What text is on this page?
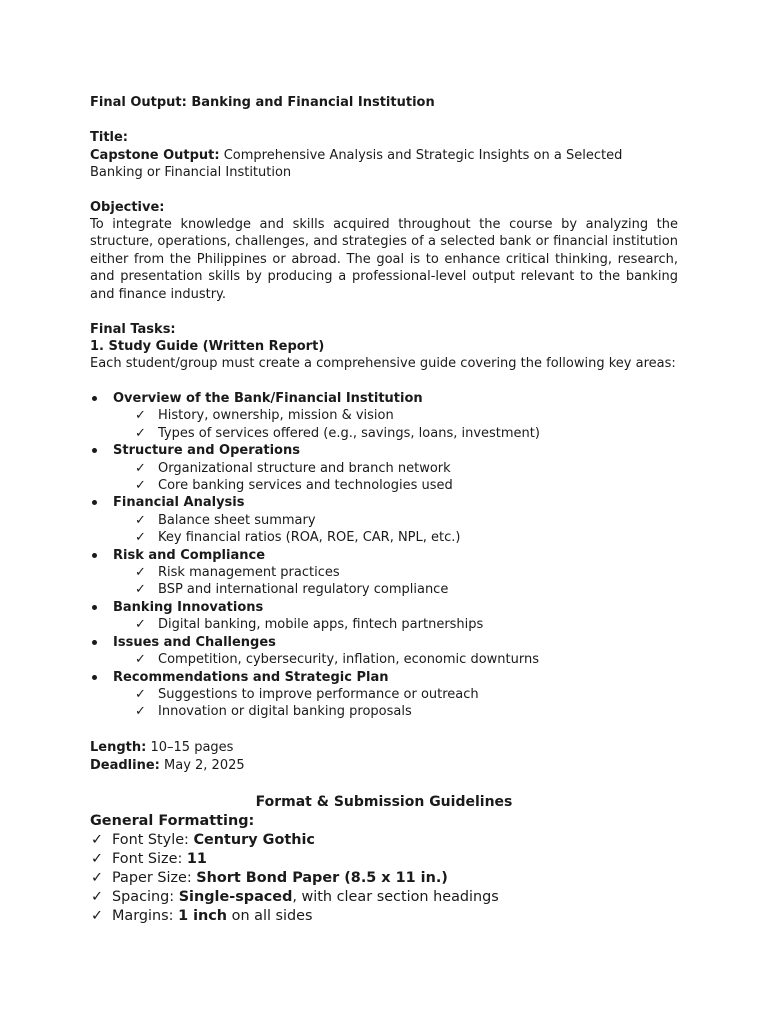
Final Output: Banking and Financial Institution

Title:

Capstone Output: Comprehensive Analysis and Strategic Insights on a Selected Banking or Financial Institution

Objective:

To integrate knowledge and skills acquired throughout the course by analyzing the structure, operations, challenges, and strategies of a selected bank or financial institution either from the Philippines or abroad. The goal is to enhance critical thinking, research, and presentation skills by producing a professional-level output relevant to the banking and finance industry.

Final Tasks:

1. Study Guide (Written Report)

Each student/group must create a comprehensive guide covering the following key areas:

Overview of the Bank/Financial Institution
✓ History, ownership, mission & vision
✓ Types of services offered (e.g., savings, loans, investment)
Structure and Operations
✓ Organizational structure and branch network
✓ Core banking services and technologies used
Financial Analysis
✓ Balance sheet summary
✓ Key financial ratios (ROA, ROE, CAR, NPL, etc.)
Risk and Compliance
✓ Risk management practices
✓ BSP and international regulatory compliance
Banking Innovations
✓ Digital banking, mobile apps, fintech partnerships
Issues and Challenges
✓ Competition, cybersecurity, inflation, economic downturns
Recommendations and Strategic Plan
✓ Suggestions to improve performance or outreach
✓ Innovation or digital banking proposals

Length: 10–15 pages

Deadline: May 2, 2025

Format & Submission Guidelines

General Formatting:

✓ Font Style: Century Gothic
✓ Font Size: 11
✓ Paper Size: Short Bond Paper (8.5 x 11 in.)
✓ Spacing: Single-spaced, with clear section headings
✓ Margins: 1 inch on all sides
